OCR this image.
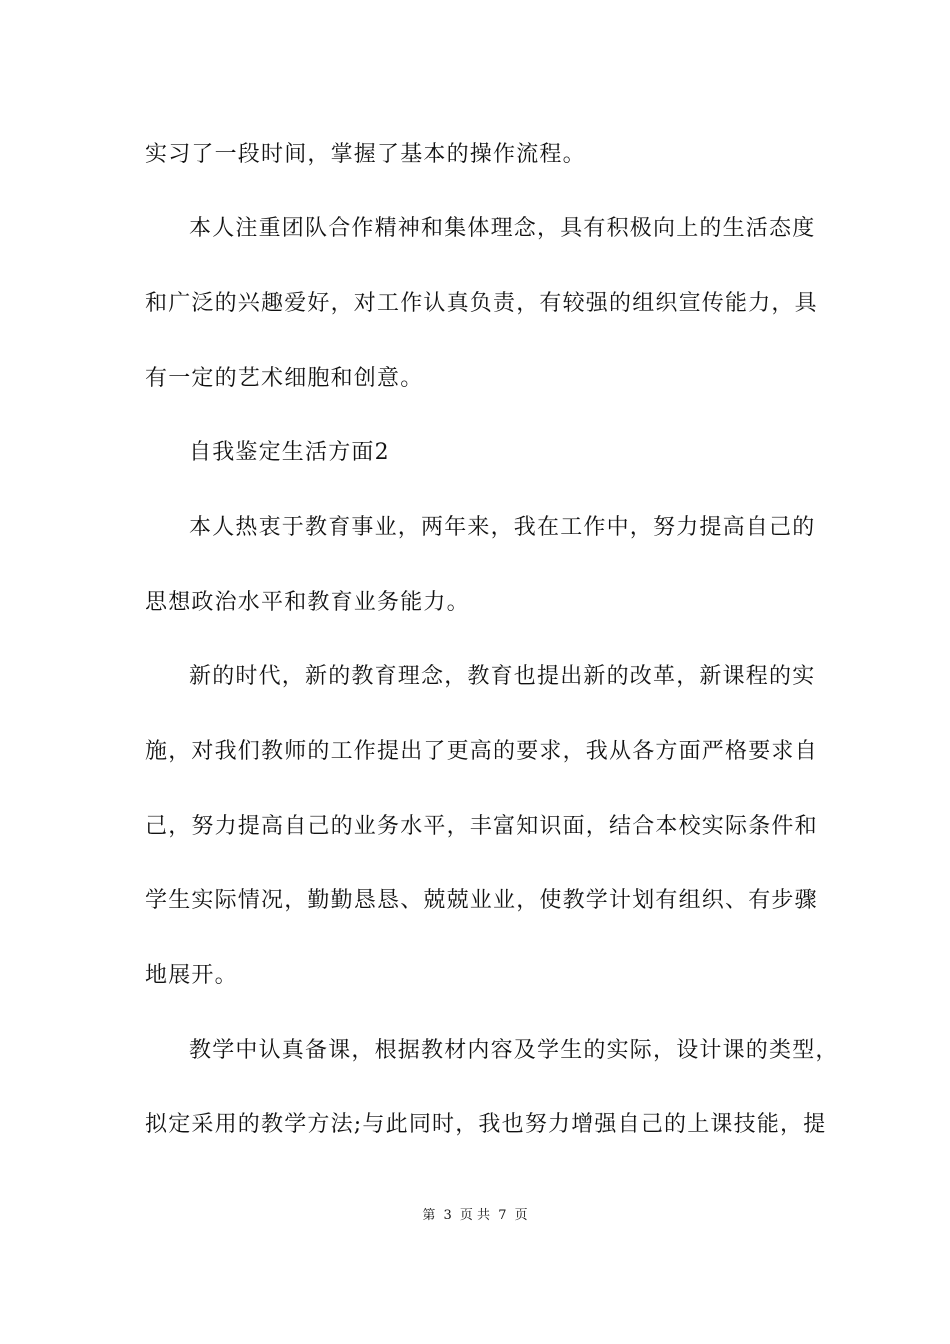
实习了一段时间，掌握了基本的操作流程。
本人注重团队合作精神和集体理念，具有积极向上的生活态度
和广泛的兴趣爱好，对工作认真负责，有较强的组织宣传能力，具
有一定的艺术细胞和创意。
自我鉴定生活方面2
本人热衷于教育事业，两年来，我在工作中，努力提高自己的
思想政治水平和教育业务能力。
新的时代，新的教育理念，教育也提出新的改革，新课程的实
施，对我们教师的工作提出了更高的要求，我从各方面严格要求自
己，努力提高自己的业务水平，丰富知识面，结合本校实际条件和
学生实际情况，勤勤恳恳、兢兢业业，使教学计划有组织、有步骤
地展开。
教学中认真备课，根据教材内容及学生的实际，设计课的类型，
拟定采用的教学方法;与此同时，我也努力增强自己的上课技能，提
第 3 页 共 7 页
